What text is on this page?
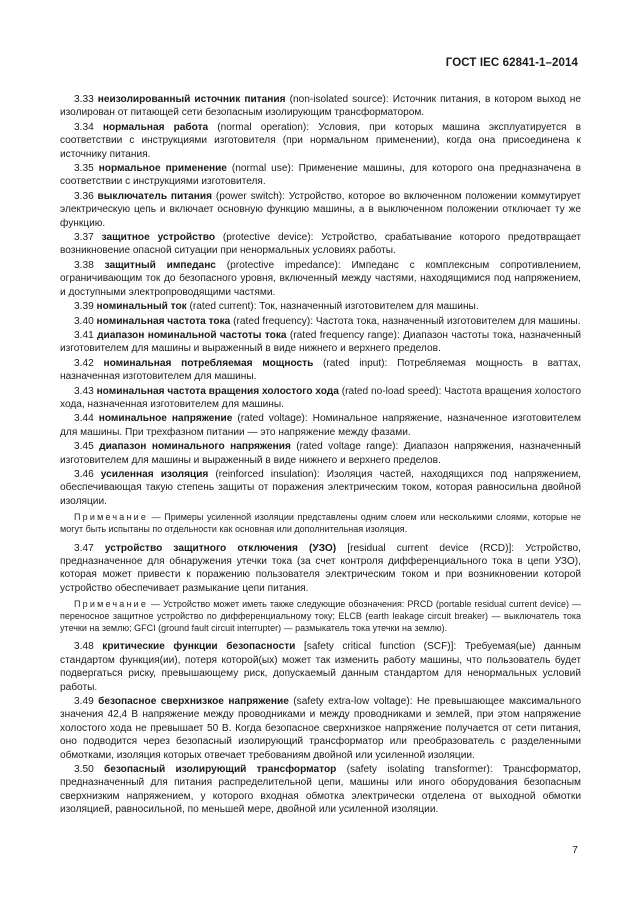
ГОСТ IEC 62841-1–2014

3.33 неизолированный источник питания (non-isolated source): Источник питания, в котором выход не изолирован от питающей сети безопасным изолирующим трансформатором.

3.34 нормальная работа (normal operation): Условия, при которых машина эксплуатируется в соответствии с инструкциями изготовителя (при нормальном применении), когда она присоединена к источнику питания.

3.35 нормальное применение (normal use): Применение машины, для которого она предназначена в соответствии с инструкциями изготовителя.

3.36 выключатель питания (power switch): Устройство, которое во включенном положении коммутирует электрическую цепь и включает основную функцию машины, а в выключенном положении отключает ту же функцию.

3.37 защитное устройство (protective device): Устройство, срабатывание которого предотвращает возникновение опасной ситуации при ненормальных условиях работы.

3.38 защитный импеданс (protective impedance): Импеданс с комплексным сопротивлением, ограничивающим ток до безопасного уровня, включенный между частями, находящимися под напряжением, и доступными электропроводящими частями.

3.39 номинальный ток (rated current): Ток, назначенный изготовителем для машины.

3.40 номинальная частота тока (rated frequency): Частота тока, назначенный изготовителем для машины.

3.41 диапазон номинальной частоты тока (rated frequency range): Диапазон частоты тока, назначенный изготовителем для машины и выраженный в виде нижнего и верхнего пределов.

3.42 номинальная потребляемая мощность (rated input): Потребляемая мощность в ваттах, назначенная изготовителем для машины.

3.43 номинальная частота вращения холостого хода (rated no-load speed): Частота вращения холостого хода, назначенная изготовителем для машины.

3.44 номинальное напряжение (rated voltage): Номинальное напряжение, назначенное изготовителем для машины. При трехфазном питании — это напряжение между фазами.

3.45 диапазон номинального напряжения (rated voltage range): Диапазон напряжения, назначенный изготовителем для машины и выраженный в виде нижнего и верхнего пределов.

3.46 усиленная изоляция (reinforced insulation): Изоляция частей, находящихся под напряжением, обеспечивающая такую степень защиты от поражения электрическим током, которая равносильна двойной изоляции.

Примечание — Примеры усиленной изоляции представлены одним слоем или несколькими слоями, которые не могут быть испытаны по отдельности как основная или дополнительная изоляция.

3.47 устройство защитного отключения (УЗО) [residual current device (RCD)]: Устройство, предназначенное для обнаружения утечки тока (за счет контроля дифференциального тока в цепи УЗО), которая может привести к поражению пользователя электрическим током и при возникновении которой устройство обеспечивает размыкание цепи питания.

Примечание — Устройство может иметь также следующие обозначения: PRCD (portable residual current device) — переносное защитное устройство по дифференциальному току; ELCB (earth leakage circuit breaker) — выключатель тока утечки на землю; GFCI (ground fault circuit interrupter) — размыкатель тока утечки на землю).

3.48 критические функции безопасности [safety critical function (SCF)]: Требуемая(ые) данным стандартом функция(ии), потеря которой(ых) может так изменить работу машины, что пользователь будет подвергаться риску, превышающему риск, допускаемый данным стандартом для ненормальных условий работы.

3.49 безопасное сверхнизкое напряжение (safety extra-low voltage): Не превышающее максимального значения 42,4 В напряжение между проводниками и между проводниками и землей, при этом напряжение холостого хода не превышает 50 В. Когда безопасное сверхнизкое напряжение получается от сети питания, оно подводится через безопасный изолирующий трансформатор или преобразователь с разделенными обмотками, изоляция которых отвечает требованиям двойной или усиленной изоляции.

3.50 безопасный изолирующий трансформатор (safety isolating transformer): Трансформатор, предназначенный для питания распределительной цепи, машины или иного оборудования безопасным сверхнизким напряжением, у которого входная обмотка электрически отделена от выходной обмотки изоляцией, равносильной, по меньшей мере, двойной или усиленной изоляции.

7
